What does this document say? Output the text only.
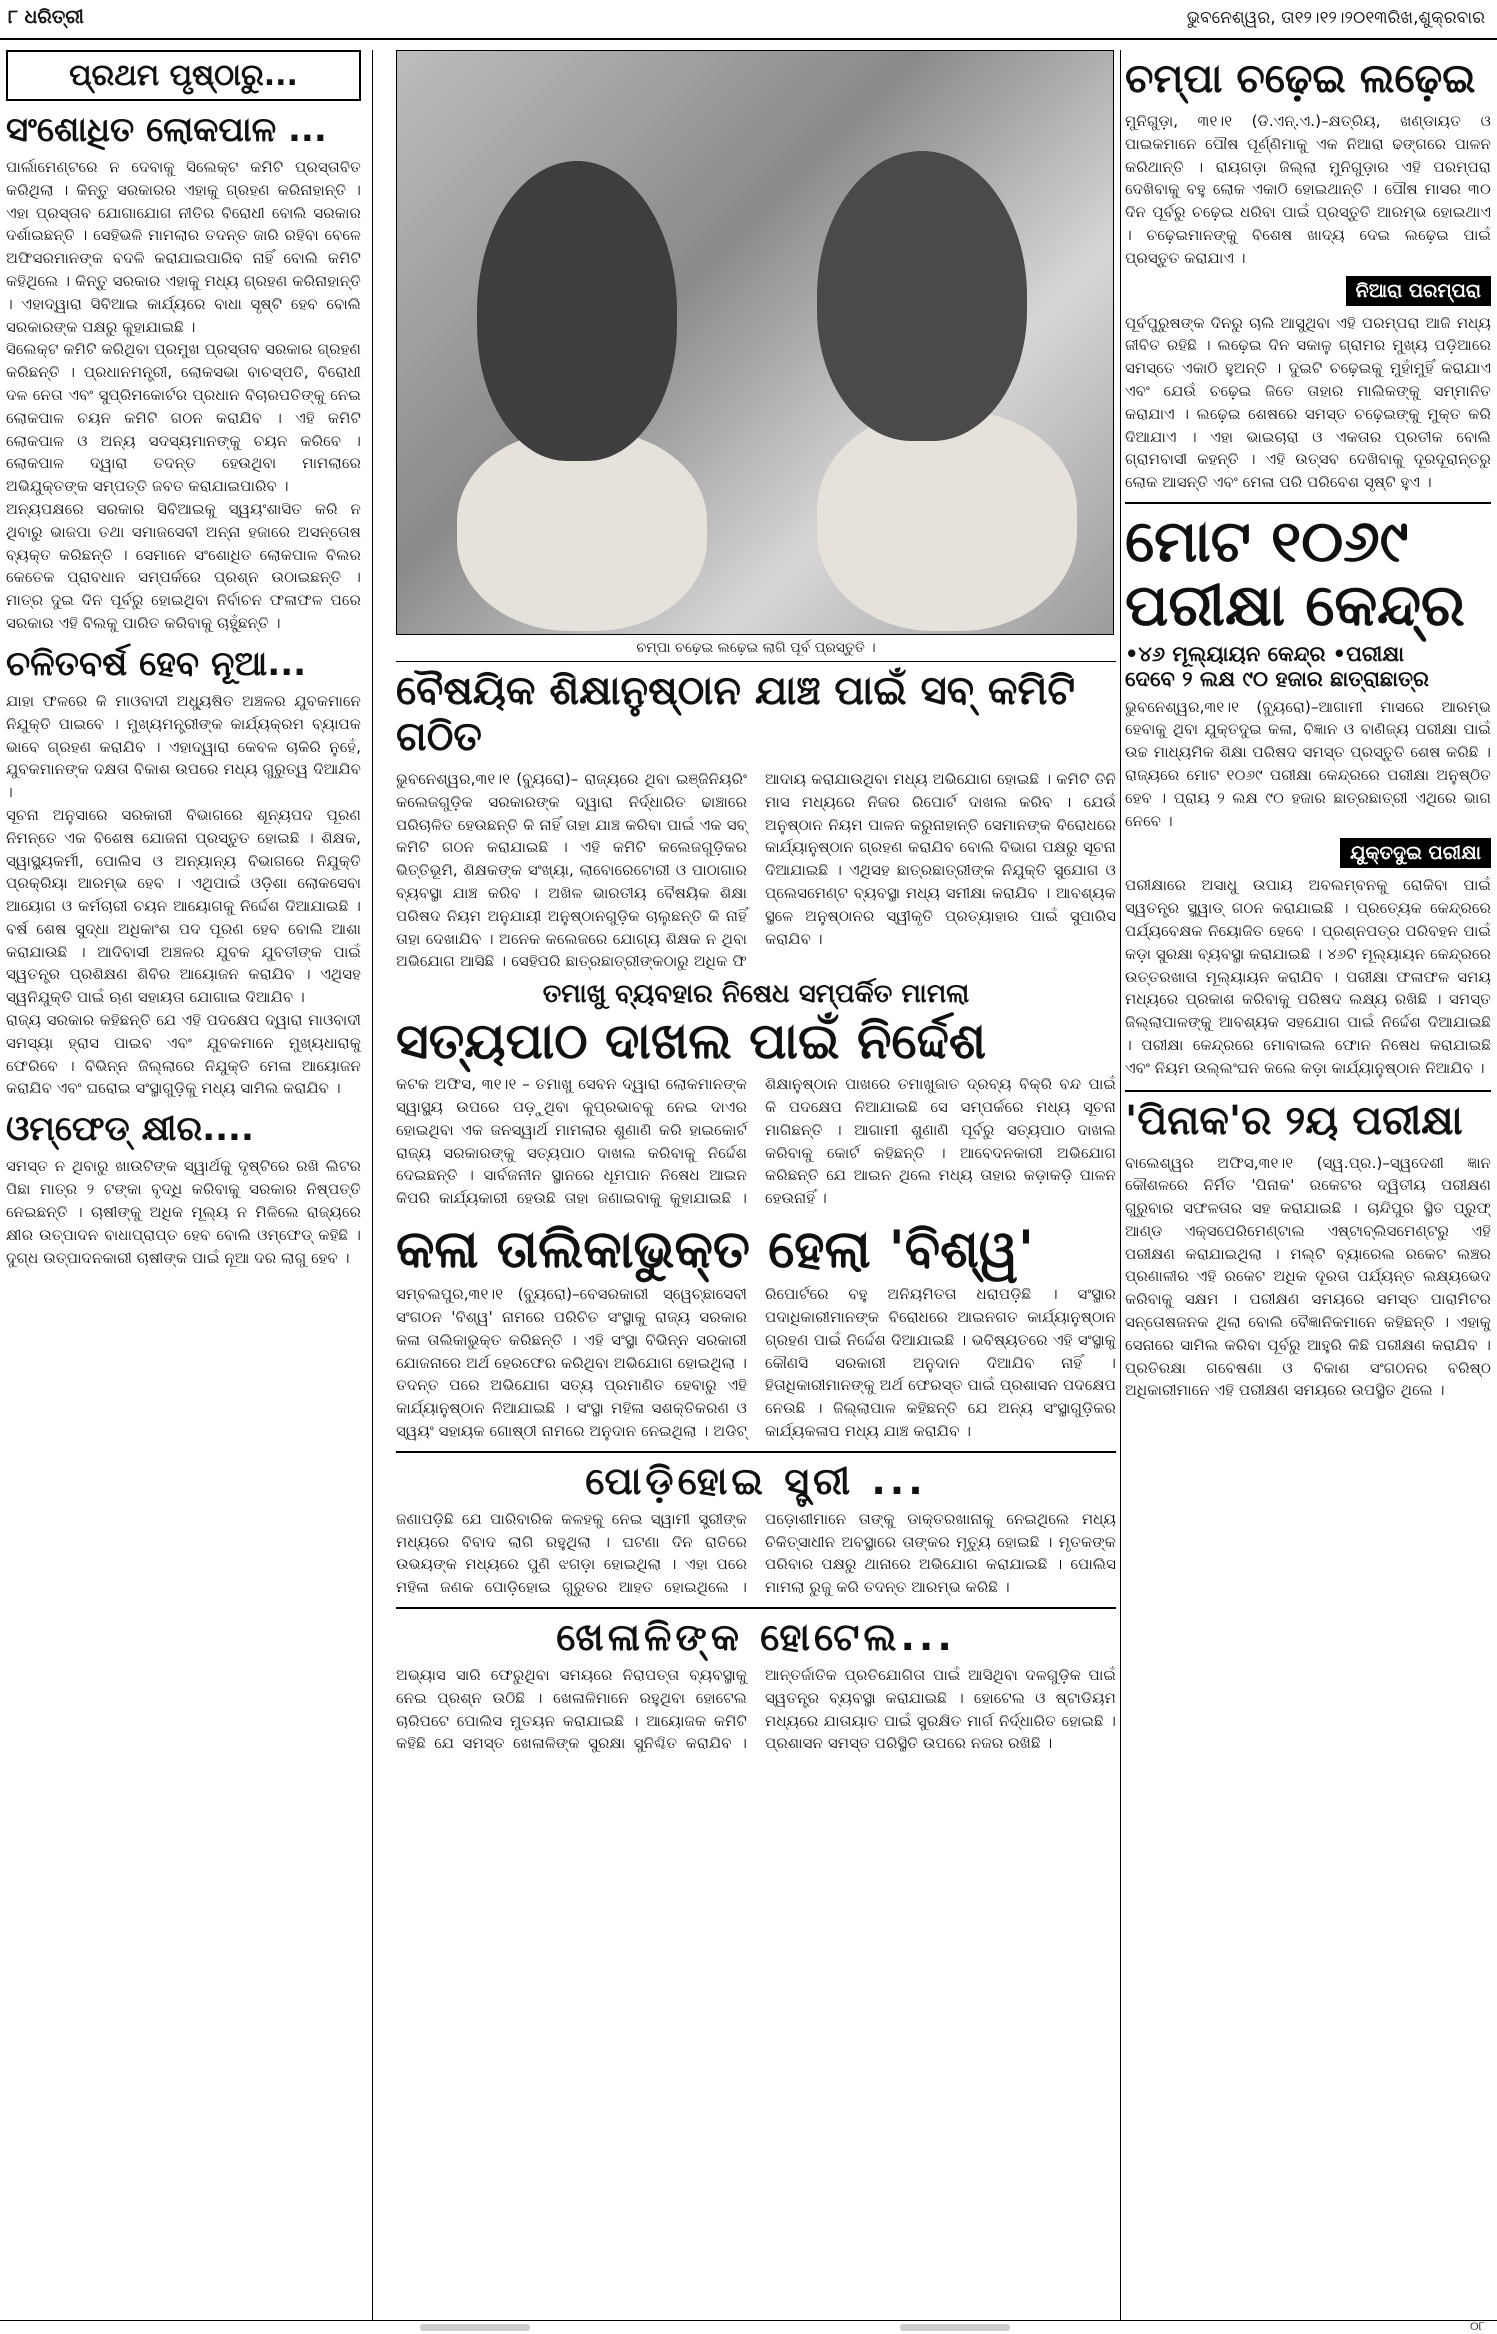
୮ ଧରିତ୍ରୀ	ଭୁବନେଶ୍ୱର, ତା୧୨।୧୨।୨୦୧୩ରିଖ,ଶୁକ୍ରବାର
ପ୍ରଥମ ପୃଷ୍ଠାରୁ...
ସଂଶୋଧିତ ଲୋକପାଳ ...

ପାର୍ଲାମେଣ୍ଟରେ ନ ଦେବାକୁ ସିଲେକ୍ଟ କମିଟି ପ୍ରସ୍ତାବିତ କରିଥିଲା । କିନ୍ତୁ ସରକାରର ଏହାକୁ ଗ୍ରହଣ କରିନାହାନ୍ତି । ଏହା ପ୍ରସ୍ତାବ ଯୋଗାଯୋଗ ନୀତିର ବିରୋଧୀ ବୋଲି ସରକାର ଦର୍ଶାଇଛନ୍ତି । ସେହିଭଳି ମାମଲାର ତଦନ୍ତ ଜାରି ରହିବା ବେଳେ ଅଫିସରମାନଙ୍କ ବଦଳି କରାଯାଇପାରିବ ନାହିଁ ବୋଲି କମିଟି କହିଥିଲେ । କିନ୍ତୁ ସରକାର ଏହାକୁ ମଧ୍ୟ ଗ୍ରହଣ କରିନାହାନ୍ତି । ଏହାଦ୍ୱାରା ସିବିଆଇ କାର୍ଯ୍ୟରେ ବାଧା ସୃଷ୍ଟି ହେବ ବୋଲି ସରକାରଙ୍କ ପକ୍ଷରୁ କୁହାଯାଇଛି ।

ସିଲେକ୍ଟ କମିଟି କରିଥିବା ପ୍ରମୁଖ ପ୍ରସ୍ତାବ ସରକାର ଗ୍ରହଣ କରିଛନ୍ତି । ପ୍ରଧାନମନ୍ତ୍ରୀ, ଲୋକସଭା ବାଚସ୍ପତି, ବିରୋଧୀ ଦଳ ନେତା ଏବଂ ସୁପ୍ରିମକୋର୍ଟର ପ୍ରଧାନ ବିଚାରପତିଙ୍କୁ ନେଇ ଲୋକପାଳ ଚୟନ କମିଟି ଗଠନ କରାଯିବ । ଏହି କମିଟି ଲୋକପାଳ ଓ ଅନ୍ୟ ସଦସ୍ୟମାନଙ୍କୁ ଚୟନ କରିବେ । ଲୋକପାଳ ଦ୍ୱାରା ତଦନ୍ତ ହେଉଥିବା ମାମଲାରେ ଅଭିଯୁକ୍ତଙ୍କ ସମ୍ପତ୍ତି ଜବତ କରାଯାଇପାରିବ ।

ଅନ୍ୟପକ୍ଷରେ ସରକାର ସିବିଆଇକୁ ସ୍ୱୟଂଶାସିତ କରି ନ ଥିବାରୁ ଭାଜପା ତଥା ସମାଜସେବୀ ଅନ୍ନା ହଜାରେ ଅସନ୍ତୋଷ ବ୍ୟକ୍ତ କରିଛନ୍ତି । ସେମାନେ ସଂଶୋଧିତ ଲୋକପାଳ ବିଲର କେତେକ ପ୍ରାବଧାନ ସମ୍ପର୍କରେ ପ୍ରଶ୍ନ ଉଠାଇଛନ୍ତି । ମାତ୍ର ଦୁଇ ଦିନ ପୂର୍ବରୁ ହୋଇଥିବା ନିର୍ବାଚନ ଫଳାଫଳ ପରେ ସରକାର ଏହି ବିଲକୁ ପାରିତ କରିବାକୁ ଚାହୁଁଛନ୍ତି ।

ଚଳିତବର୍ଷ ହେବ ନୂଆ...

ଯାହା ଫଳରେ କି ମାଓବାଦୀ ଅଧ୍ୟୁଷିତ ଅଞ୍ଚଳର ଯୁବକମାନେ ନିଯୁକ୍ତି ପାଇବେ । ମୁଖ୍ୟମନ୍ତ୍ରୀଙ୍କ କାର୍ଯ୍ୟକ୍ରମ ବ୍ୟାପକ ଭାବେ ଗ୍ରହଣ କରାଯିବ । ଏହାଦ୍ୱାରା କେବଳ ଚାକିରି ନୁହେଁ, ଯୁବକମାନଙ୍କ ଦକ୍ଷତା ବିକାଶ ଉପରେ ମଧ୍ୟ ଗୁରୁତ୍ୱ ଦିଆଯିବ ।

ସୂଚନା ଅନୁସାରେ ସରକାରୀ ବିଭାଗରେ ଶୂନ୍ୟପଦ ପୂରଣ ନିମନ୍ତେ ଏକ ବିଶେଷ ଯୋଜନା ପ୍ରସ୍ତୁତ ହୋଇଛି । ଶିକ୍ଷକ, ସ୍ୱାସ୍ଥ୍ୟକର୍ମୀ, ପୋଲିସ ଓ ଅନ୍ୟାନ୍ୟ ବିଭାଗରେ ନିଯୁକ୍ତି ପ୍ରକ୍ରିୟା ଆରମ୍ଭ ହେବ । ଏଥିପାଇଁ ଓଡ଼ିଶା ଲୋକସେବା ଆୟୋଗ ଓ କର୍ମଚାରୀ ଚୟନ ଆୟୋଗକୁ ନିର୍ଦ୍ଦେଶ ଦିଆଯାଇଛି । ବର୍ଷ ଶେଷ ସୁଦ୍ଧା ଅଧିକାଂଶ ପଦ ପୂରଣ ହେବ ବୋଲି ଆଶା କରାଯାଉଛି । ଆଦିବାସୀ ଅଞ୍ଚଳର ଯୁବକ ଯୁବତୀଙ୍କ ପାଇଁ ସ୍ୱତନ୍ତ୍ର ପ୍ରଶିକ୍ଷଣ ଶିବିର ଆୟୋଜନ କରାଯିବ । ଏଥିସହ ସ୍ୱନିଯୁକ୍ତି ପାଇଁ ଋଣ ସହାୟତା ଯୋଗାଇ ଦିଆଯିବ ।

ରାଜ୍ୟ ସରକାର କହିଛନ୍ତି ଯେ ଏହି ପଦକ୍ଷେପ ଦ୍ୱାରା ମାଓବାଦୀ ସମସ୍ୟା ହ୍ରାସ ପାଇବ ଏବଂ ଯୁବକମାନେ ମୁଖ୍ୟଧାରାକୁ ଫେରିବେ । ବିଭିନ୍ନ ଜିଲ୍ଲାରେ ନିଯୁକ୍ତି ମେଳା ଆୟୋଜନ କରାଯିବ ଏବଂ ଘରୋଇ ସଂସ୍ଥାଗୁଡ଼ିକୁ ମଧ୍ୟ ସାମିଲ କରାଯିବ ।

ଓମ୍‌ଫେଡ୍‌ କ୍ଷୀର....

ସମସ୍ତ ନ ଥିବାରୁ ଖାଉଟିଙ୍କ ସ୍ୱାର୍ଥକୁ ଦୃଷ୍ଟିରେ ରଖି ଲିଟର ପିଛା ମାତ୍ର ୨ ଟଙ୍କା ବୃଦ୍ଧି କରିବାକୁ ସରକାର ନିଷ୍ପତ୍ତି ନେଇଛନ୍ତି । ଚାଷୀଙ୍କୁ ଅଧିକ ମୂଲ୍ୟ ନ ମିଳିଲେ ରାଜ୍ୟରେ କ୍ଷୀର ଉତ୍ପାଦନ ବାଧାପ୍ରାପ୍ତ ହେବ ବୋଲି ଓମ୍‌ଫେଡ୍‌ କହିଛି । ଦୁଗ୍ଧ ଉତ୍ପାଦନକାରୀ ଚାଷୀଙ୍କ ପାଇଁ ନୂଆ ଦର ଲାଗୁ ହେବ ।

ଚମ୍ପା ଚଢ଼େଇ ଲଢ଼େଇ ଲାଗି ପୂର୍ବ ପ୍ରସ୍ତୁତି ।
ବୈଷୟିକ ଶିକ୍ଷାନୁଷ୍ଠାନ ଯାଞ୍ଚ ପାଇଁ ସବ୍‌ କମିଟି ଗଠିତ

ଭୁବନେଶ୍ୱର,୩୧।୧ (ବ୍ୟୁରୋ)– ରାଜ୍ୟରେ ଥିବା ଇଞ୍ଜିନିୟରିଂ କଲେଜଗୁଡ଼ିକ ସରକାରଙ୍କ ଦ୍ୱାରା ନିର୍ଦ୍ଧାରିତ ଢାଞ୍ଚାରେ ପରିଚାଳିତ ହେଉଛନ୍ତି କି ନାହିଁ ତାହା ଯାଞ୍ଚ କରିବା ପାଇଁ ଏକ ସବ୍‌ କମିଟି ଗଠନ କରାଯାଇଛି । ଏହି କମିଟି କଲେଜଗୁଡ଼ିକର ଭିତ୍ତିଭୂମି, ଶିକ୍ଷକଙ୍କ ସଂଖ୍ୟା, ଲାବୋରେଟୋରୀ ଓ ପାଠାଗାର ବ୍ୟବସ୍ଥା ଯାଞ୍ଚ କରିବ । ଅଖିଳ ଭାରତୀୟ ବୈଷୟିକ ଶିକ୍ଷା ପରିଷଦ ନିୟମ ଅନୁଯାୟୀ ଅନୁଷ୍ଠାନଗୁଡ଼ିକ ଚାଲୁଛନ୍ତି କି ନାହିଁ ତାହା ଦେଖାଯିବ । ଅନେକ କଲେଜରେ ଯୋଗ୍ୟ ଶିକ୍ଷକ ନ ଥିବା ଅଭିଯୋଗ ଆସିଛି । ସେହିପରି ଛାତ୍ରଛାତ୍ରୀଙ୍କଠାରୁ ଅଧିକ ଫି ଆଦାୟ କରାଯାଉଥିବା ମଧ୍ୟ ଅଭିଯୋଗ ହୋଇଛି । କମିଟି ତିନି ମାସ ମଧ୍ୟରେ ନିଜର ରିପୋର୍ଟ ଦାଖଲ କରିବ । ଯେଉଁ ଅନୁଷ୍ଠାନ ନିୟମ ପାଳନ କରୁନାହାନ୍ତି ସେମାନଙ୍କ ବିରୋଧରେ କାର୍ଯ୍ୟାନୁଷ୍ଠାନ ଗ୍ରହଣ କରାଯିବ ବୋଲି ବିଭାଗ ପକ୍ଷରୁ ସୂଚନା ଦିଆଯାଇଛି । ଏଥିସହ ଛାତ୍ରଛାତ୍ରୀଙ୍କ ନିଯୁକ୍ତି ସୁଯୋଗ ଓ ପ୍ଲେସମେଣ୍ଟ ବ୍ୟବସ୍ଥା ମଧ୍ୟ ସମୀକ୍ଷା କରାଯିବ । ଆବଶ୍ୟକ ସ୍ଥଳେ ଅନୁଷ୍ଠାନର ସ୍ୱୀକୃତି ପ୍ରତ୍ୟାହାର ପାଇଁ ସୁପାରିସ କରାଯିବ ।

ତମାଖୁ ବ୍ୟବହାର ନିଷେଧ ସମ୍ପର୍କିତ ମାମଲା
ସତ୍ୟପାଠ ଦାଖଲ ପାଇଁ ନିର୍ଦ୍ଦେଶ

କଟକ ଅଫିସ, ୩୧।୧ – ତମାଖୁ ସେବନ ଦ୍ୱାରା ଲୋକମାନଙ୍କ ସ୍ୱାସ୍ଥ୍ୟ ଉପରେ ପଡ଼ୁଥିବା କୁପ୍ରଭାବକୁ ନେଇ ଦାଏର ହୋଇଥିବା ଏକ ଜନସ୍ୱାର୍ଥ ମାମଲାର ଶୁଣାଣି କରି ହାଇକୋର୍ଟ ରାଜ୍ୟ ସରକାରଙ୍କୁ ସତ୍ୟପାଠ ଦାଖଲ କରିବାକୁ ନିର୍ଦ୍ଦେଶ ଦେଇଛନ୍ତି । ସାର୍ବଜନୀନ ସ୍ଥାନରେ ଧୂମପାନ ନିଷେଧ ଆଇନ କିପରି କାର୍ଯ୍ୟକାରୀ ହେଉଛି ତାହା ଜଣାଇବାକୁ କୁହାଯାଇଛି । ଶିକ୍ଷାନୁଷ୍ଠାନ ପାଖରେ ତମାଖୁଜାତ ଦ୍ରବ୍ୟ ବିକ୍ରି ବନ୍ଦ ପାଇଁ କି ପଦକ୍ଷେପ ନିଆଯାଇଛି ସେ ସମ୍ପର୍କରେ ମଧ୍ୟ ସୂଚନା ମାଗିଛନ୍ତି । ଆଗାମୀ ଶୁଣାଣି ପୂର୍ବରୁ ସତ୍ୟପାଠ ଦାଖଲ କରିବାକୁ କୋର୍ଟ କହିଛନ୍ତି । ଆବେଦନକାରୀ ଅଭିଯୋଗ କରିଛନ୍ତି ଯେ ଆଇନ ଥିଲେ ମଧ୍ୟ ତାହାର କଡ଼ାକଡ଼ି ପାଳନ ହେଉନାହିଁ ।

କଳା ତାଲିକାଭୁକ୍ତ ହେଲା 'ବିଶ୍ୱ'

ସମ୍ବଲପୁର,୩୧।୧ (ବ୍ୟୁରୋ)–ବେସରକାରୀ ସ୍ୱେଚ୍ଛାସେବୀ ସଂଗଠନ 'ବିଶ୍ୱ' ନାମରେ ପରିଚିତ ସଂସ୍ଥାକୁ ରାଜ୍ୟ ସରକାର କଳା ତାଲିକାଭୁକ୍ତ କରିଛନ୍ତି । ଏହି ସଂସ୍ଥା ବିଭିନ୍ନ ସରକାରୀ ଯୋଜନାରେ ଅର୍ଥ ହେରଫେର କରିଥିବା ଅଭିଯୋଗ ହୋଇଥିଲା । ତଦନ୍ତ ପରେ ଅଭିଯୋଗ ସତ୍ୟ ପ୍ରମାଣିତ ହେବାରୁ ଏହି କାର୍ଯ୍ୟାନୁଷ୍ଠାନ ନିଆଯାଇଛି । ସଂସ୍ଥା ମହିଳା ସଶକ୍ତିକରଣ ଓ ସ୍ୱୟଂ ସହାୟକ ଗୋଷ୍ଠୀ ନାମରେ ଅନୁଦାନ ନେଇଥିଲା । ଅଡିଟ୍‌ ରିପୋର୍ଟରେ ବହୁ ଅନିୟମିତତା ଧରାପଡ଼ିଛି । ସଂସ୍ଥାର ପଦାଧିକାରୀମାନଙ୍କ ବିରୋଧରେ ଆଇନଗତ କାର୍ଯ୍ୟାନୁଷ୍ଠାନ ଗ୍ରହଣ ପାଇଁ ନିର୍ଦ୍ଦେଶ ଦିଆଯାଇଛି । ଭବିଷ୍ୟତରେ ଏହି ସଂସ୍ଥାକୁ କୌଣସି ସରକାରୀ ଅନୁଦାନ ଦିଆଯିବ ନାହିଁ । ହିତାଧିକାରୀମାନଙ୍କୁ ଅର୍ଥ ଫେରସ୍ତ ପାଇଁ ପ୍ରଶାସନ ପଦକ୍ଷେପ ନେଉଛି । ଜିଲ୍ଲାପାଳ କହିଛନ୍ତି ଯେ ଅନ୍ୟ ସଂସ୍ଥାଗୁଡ଼ିକର କାର୍ଯ୍ୟକଳାପ ମଧ୍ୟ ଯାଞ୍ଚ କରାଯିବ ।

ପୋଡ଼ିହୋଇ ସ୍ତ୍ରୀ ...

ଜଣାପଡ଼ିଛି ଯେ ପାରିବାରିକ କଳହକୁ ନେଇ ସ୍ୱାମୀ ସ୍ତ୍ରୀଙ୍କ ମଧ୍ୟରେ ବିବାଦ ଲାଗି ରହୁଥିଲା । ଘଟଣା ଦିନ ରାତିରେ ଉଭୟଙ୍କ ମଧ୍ୟରେ ପୁଣି ଝଗଡ଼ା ହୋଇଥିଲା । ଏହା ପରେ ମହିଳା ଜଣକ ପୋଡ଼ିହୋଇ ଗୁରୁତର ଆହତ ହୋଇଥିଲେ । ପଡ଼ୋଶୀମାନେ ତାଙ୍କୁ ଡାକ୍ତରଖାନାକୁ ନେଇଥିଲେ ମଧ୍ୟ ଚିକିତ୍ସାଧୀନ ଅବସ୍ଥାରେ ତାଙ୍କର ମୃତ୍ୟୁ ହୋଇଛି । ମୃତକଙ୍କ ପରିବାର ପକ୍ଷରୁ ଥାନାରେ ଅଭିଯୋଗ କରାଯାଇଛି । ପୋଲିସ ମାମଲା ରୁଜୁ କରି ତଦନ୍ତ ଆରମ୍ଭ କରିଛି ।

ଖେଳାଳିଙ୍କ ହୋଟେଲ...

ଅଭ୍ୟାସ ସାରି ଫେରୁଥିବା ସମୟରେ ନିରାପତ୍ତା ବ୍ୟବସ୍ଥାକୁ ନେଇ ପ୍ରଶ୍ନ ଉଠିଛି । ଖେଳାଳିମାନେ ରହୁଥିବା ହୋଟେଲ ଚାରିପଟେ ପୋଲିସ ମୁତୟନ କରାଯାଇଛି । ଆୟୋଜକ କମିଟି କହିଛି ଯେ ସମସ୍ତ ଖେଳାଳିଙ୍କ ସୁରକ୍ଷା ସୁନିଶ୍ଚିତ କରାଯିବ । ଆନ୍ତର୍ଜାତିକ ପ୍ରତିଯୋଗିତା ପାଇଁ ଆସିଥିବା ଦଳଗୁଡ଼ିକ ପାଇଁ ସ୍ୱତନ୍ତ୍ର ବ୍ୟବସ୍ଥା କରାଯାଇଛି । ହୋଟେଲ ଓ ଷ୍ଟାଡିୟମ ମଧ୍ୟରେ ଯାତାୟାତ ପାଇଁ ସୁରକ୍ଷିତ ମାର୍ଗ ନିର୍ଦ୍ଧାରିତ ହୋଇଛି । ପ୍ରଶାସନ ସମସ୍ତ ପରିସ୍ଥିତି ଉପରେ ନଜର ରଖିଛି ।

ଚମ୍ପା ଚଢ଼େଇ ଲଢ଼େଇ

ମୁନିଗୁଡ଼ା, ୩୧।୧ (ଡି.ଏନ୍‌.ଏ.)–କ୍ଷତ୍ରିୟ, ଖଣ୍ଡାୟତ ଓ ପାଇକମାନେ ପୌଷ ପୂର୍ଣ୍ଣିମାକୁ ଏକ ନିଆରା ଢଙ୍ଗରେ ପାଳନ କରିଥାନ୍ତି । ରାୟଗଡ଼ା ଜିଲ୍ଲା ମୁନିଗୁଡ଼ାର ଏହି ପରମ୍ପରା ଦେଖିବାକୁ ବହୁ ଲୋକ ଏକାଠି ହୋଇଥାନ୍ତି । ପୌଷ ମାସର ୩୦ ଦିନ ପୂର୍ବରୁ ଚଢ଼େଇ ଧରିବା ପାଇଁ ପ୍ରସ୍ତୁତି ଆରମ୍ଭ ହୋଇଥାଏ । ଚଢ଼େଇମାନଙ୍କୁ ବିଶେଷ ଖାଦ୍ୟ ଦେଇ ଲଢ଼େଇ ପାଇଁ ପ୍ରସ୍ତୁତ କରାଯାଏ ।

ନିଆରା ପରମ୍ପରା

ପୂର୍ବପୁରୁଷଙ୍କ ଦିନରୁ ଚାଲି ଆସୁଥିବା ଏହି ପରମ୍ପରା ଆଜି ମଧ୍ୟ ଜୀବିତ ରହିଛି । ଲଢ଼େଇ ଦିନ ସକାଳୁ ଗ୍ରାମର ମୁଖ୍ୟ ପଡ଼ିଆରେ ସମସ୍ତେ ଏକାଠି ହୁଅନ୍ତି । ଦୁଇଟି ଚଢ଼େଇକୁ ମୁହାଁମୁହିଁ କରାଯାଏ ଏବଂ ଯେଉଁ ଚଢ଼େଇ ଜିତେ ତାହାର ମାଲିକଙ୍କୁ ସମ୍ମାନିତ କରାଯାଏ । ଲଢ଼େଇ ଶେଷରେ ସମସ୍ତ ଚଢ଼େଇଙ୍କୁ ମୁକ୍ତ କରି ଦିଆଯାଏ । ଏହା ଭାଇଚାରା ଓ ଏକତାର ପ୍ରତୀକ ବୋଲି ଗ୍ରାମବାସୀ କହନ୍ତି । ଏହି ଉତ୍ସବ ଦେଖିବାକୁ ଦୂରଦୂରାନ୍ତରୁ ଲୋକ ଆସନ୍ତି ଏବଂ ମେଳା ପରି ପରିବେଶ ସୃଷ୍ଟି ହୁଏ ।

ମୋଟ ୧୦୬୯ ପରୀକ୍ଷା କେନ୍ଦ୍ର
•୪୬ ମୂଲ୍ୟାୟନ କେନ୍ଦ୍ର •ପରୀକ୍ଷା
ଦେବେ ୨ ଲକ୍ଷ ୯୦ ହଜାର ଛାତ୍ରାଛାତ୍ର

ଭୁବନେଶ୍ୱର,୩୧।୧ (ବ୍ୟୁରୋ)–ଆଗାମୀ ମାସରେ ଆରମ୍ଭ ହେବାକୁ ଥିବା ଯୁକ୍ତଦୁଇ କଳା, ବିଜ୍ଞାନ ଓ ବାଣିଜ୍ୟ ପରୀକ୍ଷା ପାଇଁ ଉଚ୍ଚ ମାଧ୍ୟମିକ ଶିକ୍ଷା ପରିଷଦ ସମସ୍ତ ପ୍ରସ୍ତୁତି ଶେଷ କରିଛି । ରାଜ୍ୟରେ ମୋଟ ୧୦୬୯ ପରୀକ୍ଷା କେନ୍ଦ୍ରରେ ପରୀକ୍ଷା ଅନୁଷ୍ଠିତ ହେବ । ପ୍ରାୟ ୨ ଲକ୍ଷ ୯୦ ହଜାର ଛାତ୍ରଛାତ୍ରୀ ଏଥିରେ ଭାଗ ନେବେ ।

ଯୁକ୍ତଦୁଇ ପରୀକ୍ଷା

ପରୀକ୍ଷାରେ ଅସାଧୁ ଉପାୟ ଅବଲମ୍ବନକୁ ରୋକିବା ପାଇଁ ସ୍ୱତନ୍ତ୍ର ସ୍କ୍ୱାଡ୍‌ ଗଠନ କରାଯାଇଛି । ପ୍ରତ୍ୟେକ କେନ୍ଦ୍ରରେ ପର୍ଯ୍ୟବେକ୍ଷକ ନିୟୋଜିତ ହେବେ । ପ୍ରଶ୍ନପତ୍ର ପରିବହନ ପାଇଁ କଡ଼ା ସୁରକ୍ଷା ବ୍ୟବସ୍ଥା କରାଯାଇଛି । ୪୬ଟି ମୂଲ୍ୟାୟନ କେନ୍ଦ୍ରରେ ଉତ୍ତରଖାତା ମୂଲ୍ୟାୟନ କରାଯିବ । ପରୀକ୍ଷା ଫଳାଫଳ ସମୟ ମଧ୍ୟରେ ପ୍ରକାଶ କରିବାକୁ ପରିଷଦ ଲକ୍ଷ୍ୟ ରଖିଛି । ସମସ୍ତ ଜିଲ୍ଲାପାଳଙ୍କୁ ଆବଶ୍ୟକ ସହଯୋଗ ପାଇଁ ନିର୍ଦ୍ଦେଶ ଦିଆଯାଇଛି । ପରୀକ୍ଷା କେନ୍ଦ୍ରରେ ମୋବାଇଲ ଫୋନ ନିଷେଧ କରାଯାଇଛି ଏବଂ ନିୟମ ଉଲ୍ଲଂଘନ କଲେ କଡ଼ା କାର୍ଯ୍ୟାନୁଷ୍ଠାନ ନିଆଯିବ ।

'ପିନାକ'ର ୨ୟ ପରୀକ୍ଷା

ବାଲେଶ୍ୱର ଅଫିସ,୩୧।୧ (ସ୍ୱ.ପ୍ର.)–ସ୍ୱଦେଶୀ ଜ୍ଞାନ କୌଶଳରେ ନିର୍ମିତ 'ପିନାକ' ରକେଟର ଦ୍ୱିତୀୟ ପରୀକ୍ଷଣ ଗୁରୁବାର ସଫଳତାର ସହ କରାଯାଇଛି । ଚାନ୍ଦିପୁର ସ୍ଥିତ ପ୍ରୁଫ୍‌ ଆଣ୍ଡ ଏକ୍ସପେରିମେଣ୍ଟାଲ ଏଷ୍ଟାବ୍ଲିସମେଣ୍ଟରୁ ଏହି ପରୀକ୍ଷଣ କରାଯାଇଥିଲା । ମଲ୍ଟି ବ୍ୟାରେଲ ରକେଟ ଲଞ୍ଚର ପ୍ରଣାଳୀର ଏହି ରକେଟ ଅଧିକ ଦୂରତା ପର୍ଯ୍ୟନ୍ତ ଲକ୍ଷ୍ୟଭେଦ କରିବାକୁ ସକ୍ଷମ । ପରୀକ୍ଷଣ ସମୟରେ ସମସ୍ତ ପାରାମିଟର ସନ୍ତୋଷଜନକ ଥିଲା ବୋଲି ବୈଜ୍ଞାନିକମାନେ କହିଛନ୍ତି । ଏହାକୁ ସେନାରେ ସାମିଲ କରିବା ପୂର୍ବରୁ ଆହୁରି କିଛି ପରୀକ୍ଷଣ କରାଯିବ । ପ୍ରତିରକ୍ଷା ଗବେଷଣା ଓ ବିକାଶ ସଂଗଠନର ବରିଷ୍ଠ ଅଧିକାରୀମାନେ ଏହି ପରୀକ୍ଷଣ ସମୟରେ ଉପସ୍ଥିତ ଥିଲେ ।

୦୮
